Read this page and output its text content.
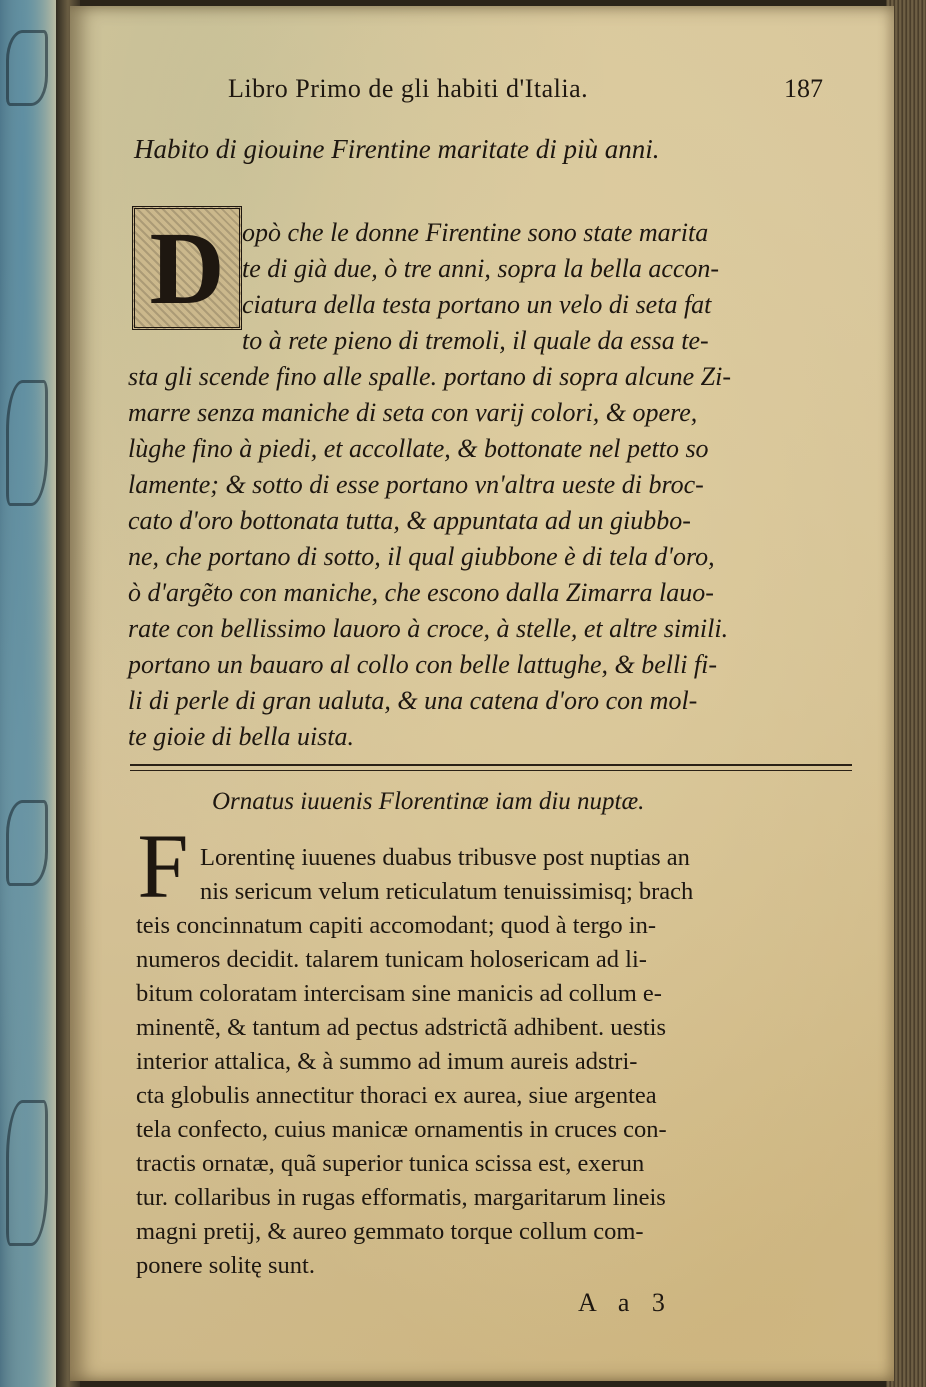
Libro Primo de gli habiti d'Italia.	187
Habito di giouine Firentine maritate di più anni.
D opò che le donne Firentine sono state marita

te di già due, ò tre anni, sopra la bella accon-

ciatura della testa portano un velo di seta fat

to à rete pieno di tremoli, il quale da essa te-

sta gli scende fino alle spalle. portano di sopra alcune Zi-

marre senza maniche di seta con varij colori, & opere,

lùghe fino à piedi, et accollate, & bottonate nel petto so

lamente; & sotto di esse portano vn'altra ueste di broc-

cato d'oro bottonata tutta, & appuntata ad un giubbo-

ne, che portano di sotto, il qual giubbone è di tela d'oro,

ò d'argẽto con maniche, che escono dalla Zimarra lauo-

rate con bellissimo lauoro à croce, à stelle, et altre simili.

portano un bauaro al collo con belle lattughe, & belli fi-

li di perle di gran ualuta, & una catena d'oro con mol-

te gioie di bella uista.

Ornatus iuuenis Florentinæ iam diu nuptæ.
F Lorentinę iuuenes duabus tribusve post nuptias an

nis sericum velum reticulatum tenuissimisq; brach

teis concinnatum capiti accomodant; quod à tergo in-

numeros decidit. talarem tunicam holosericam ad li-

bitum coloratam intercisam sine manicis ad collum e-

minentẽ, & tantum ad pectus adstrictã adhibent. uestis

interior attalica, & à summo ad imum aureis adstri-

cta globulis annectitur thoraci ex aurea, siue argentea

tela confecto, cuius manicæ ornamentis in cruces con-

tractis ornatæ, quã superior tunica scissa est, exerun

tur. collaribus in rugas efformatis, margaritarum lineis

magni pretij, & aureo gemmato torque collum com-

ponere solitę sunt.

A a 3
